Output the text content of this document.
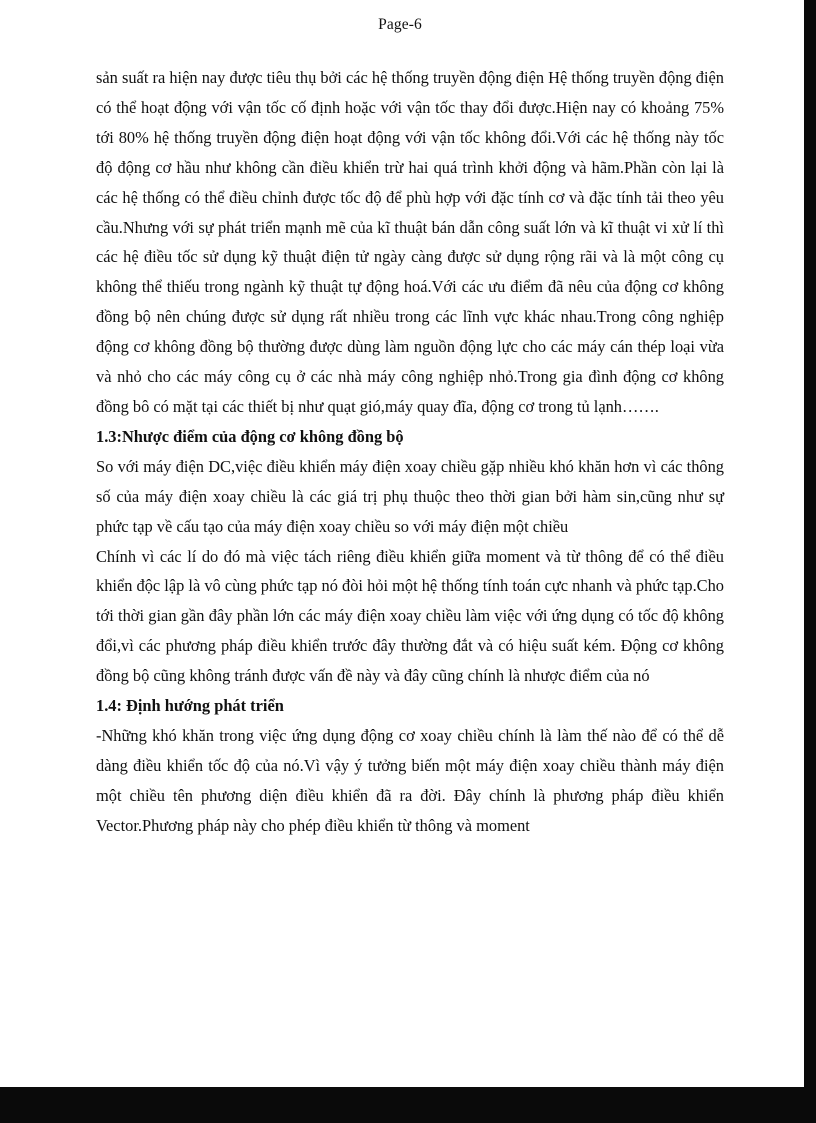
Page-6

sản suất ra hiện nay được tiêu thụ bởi các hệ thống truyền động điện Hệ thống truyền động điện có thể hoạt động với vận tốc cố định hoặc với vận tốc thay đổi được.Hiện nay có khoảng 75% tới 80% hệ thống truyền động điện hoạt động với vận tốc không đổi.Với các hệ thống này tốc độ động cơ hầu như không cần điều khiển trừ hai quá trình khởi động và hãm.Phần còn lại là các hệ thống có thể điều chỉnh được tốc độ để phù hợp với đặc tính cơ và đặc tính tải theo yêu cầu.Nhưng với sự phát triển mạnh mẽ của kĩ thuật bán dẫn công suất lớn và kĩ thuật vi xử lí thì các hệ điều tốc sử dụng kỹ thuật điện tử ngày càng được sử dụng rộng rãi và là một công cụ không thể thiếu trong ngành kỹ thuật tự động hoá.Với các ưu điểm đã nêu của động cơ không đồng bộ nên chúng được sử dụng rất nhiều trong các lĩnh vực khác nhau.Trong công nghiệp động cơ không đồng bộ thường được dùng làm nguồn động lực cho các máy cán thép loại vừa và nhỏ cho các máy công cụ ở các nhà máy công nghiệp nhỏ.Trong gia đình động cơ không đồng bô có mặt tại các thiết bị như quạt gió,máy quay đĩa, động cơ trong tủ lạnh…….

1.3:Nhược điểm của động cơ không đồng bộ

So với máy điện DC,việc điều khiển máy điện xoay chiều gặp nhiều khó khăn hơn vì các thông số của máy điện xoay chiều là các giá trị phụ thuộc theo thời gian bởi hàm sin,cũng như sự phức tạp về cấu tạo của máy điện xoay chiều so với máy điện một chiều

Chính vì các lí do đó mà việc tách riêng điều khiển giữa moment và từ thông để có thể điều khiển độc lập là vô cùng phức tạp nó đòi hỏi một hệ thống tính toán cực nhanh và phức tạp.Cho tới thời gian gần đây phần lớn các máy điện xoay chiều làm việc với ứng dụng có tốc độ không đổi,vì các phương pháp điều khiển trước đây thường đắt và có hiệu suất kém. Động cơ không đồng bộ cũng không tránh được vấn đề này và đây cũng chính là nhược điểm của nó

1.4: Định hướng phát triển

-Những khó khăn trong việc ứng dụng động cơ xoay chiều chính là làm thế nào để có thể dễ dàng điều khiển tốc độ của nó.Vì vậy ý tưởng biến một máy điện xoay chiều thành máy điện một chiều tên phương diện điều khiển đã ra đời. Đây chính là phương pháp điều khiển Vector.Phương pháp này cho phép điều khiển từ thông và moment
